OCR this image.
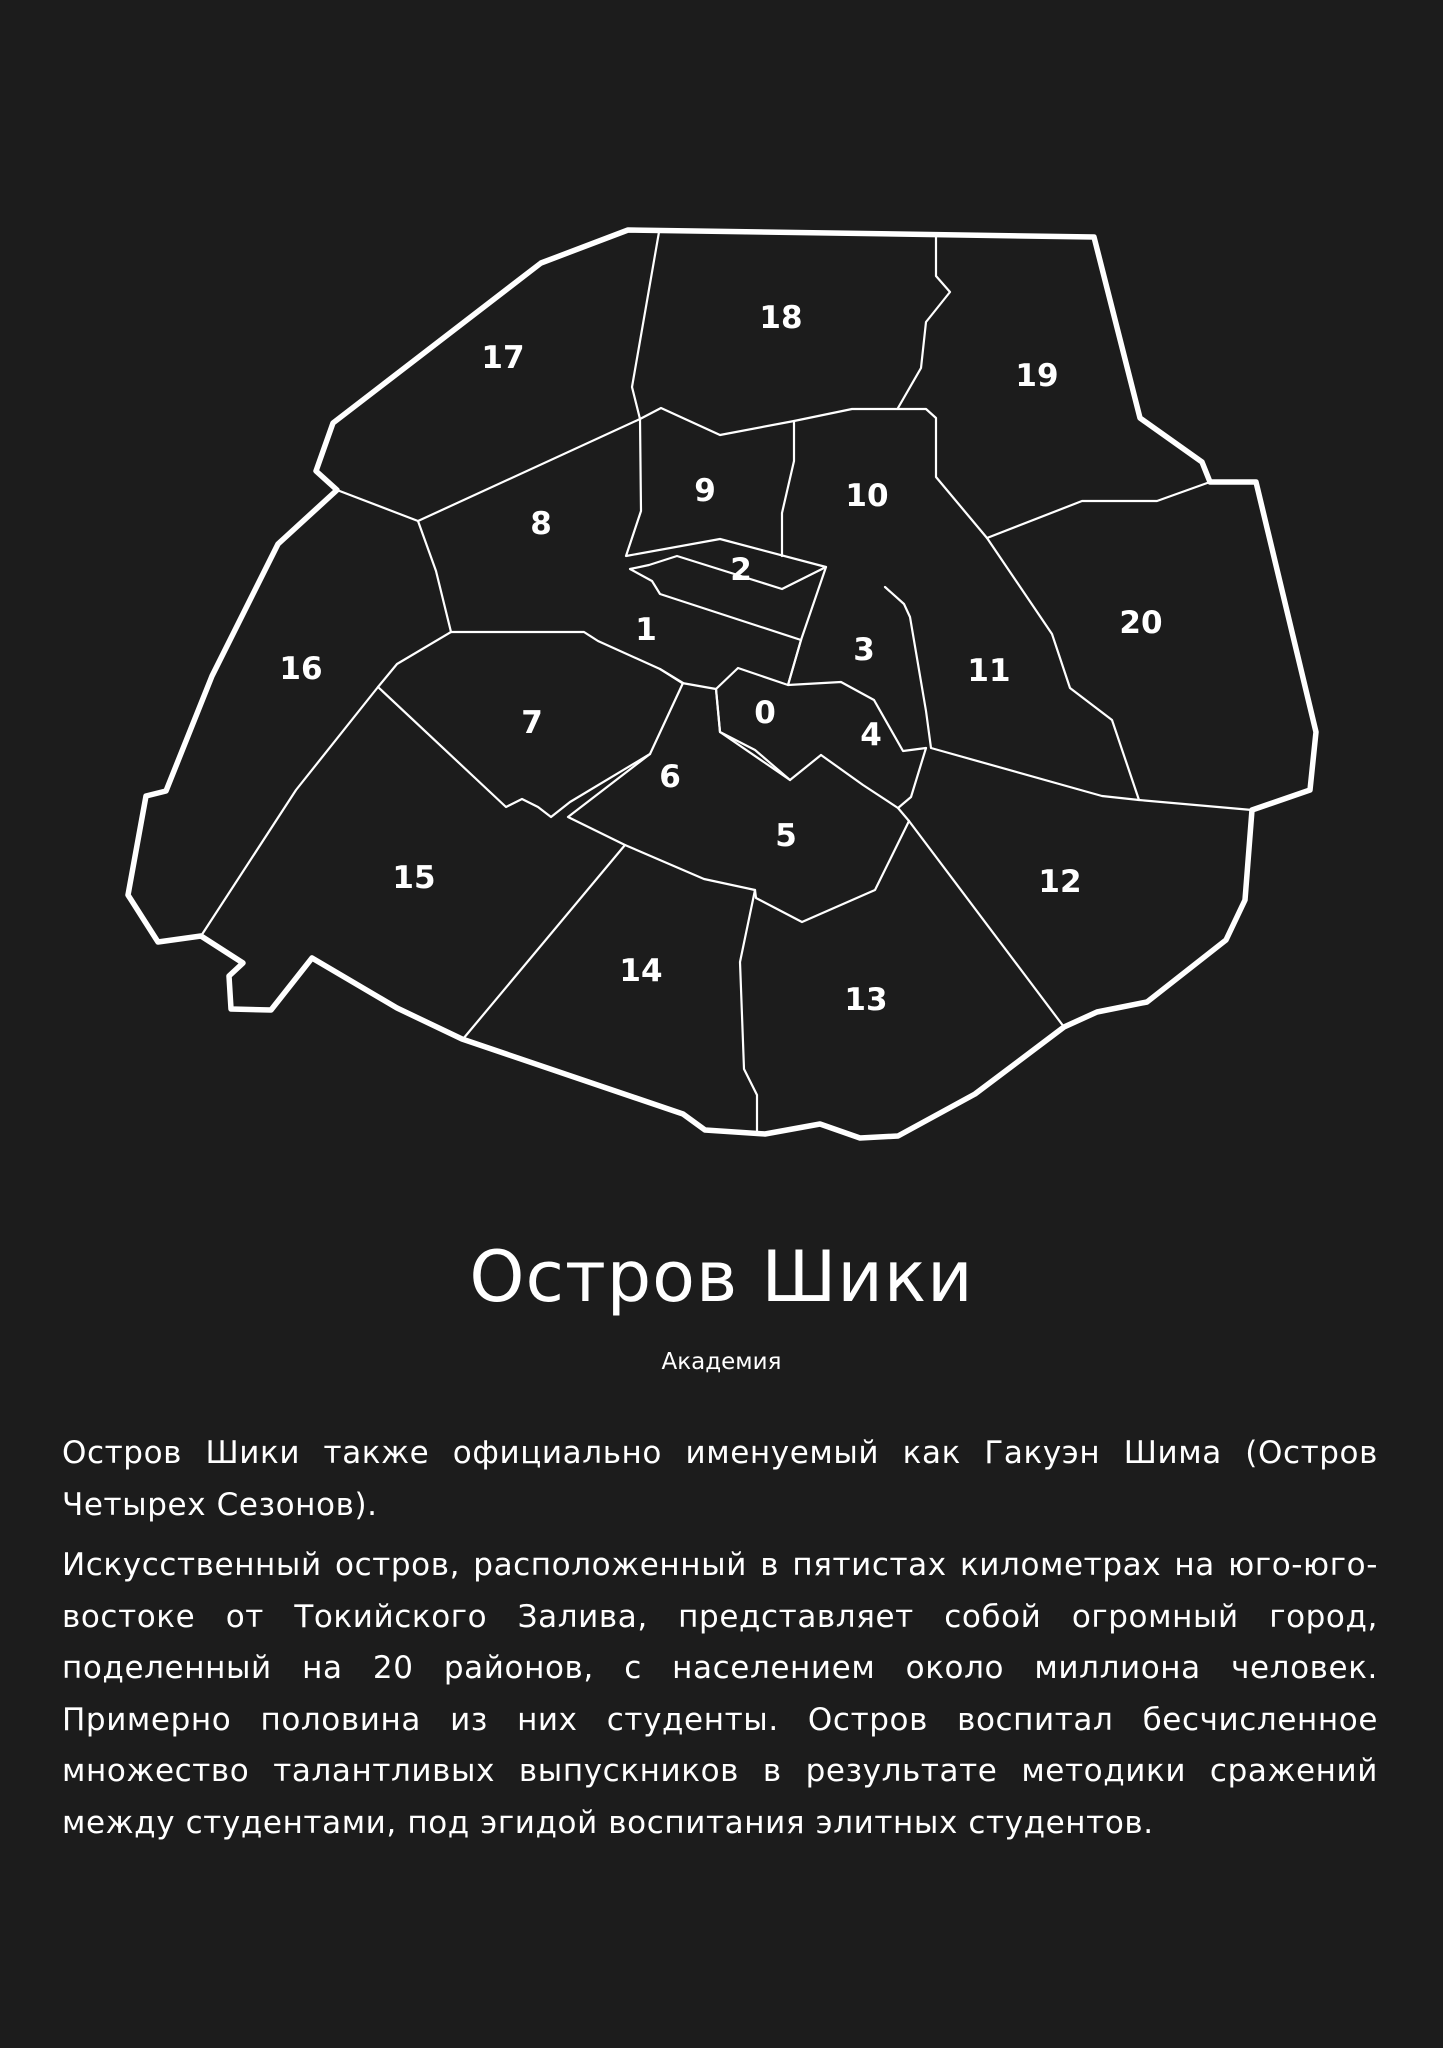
0
1
2
3
4
5
6
7
8
9	10
11
12
13
14
15
16
17
18
19
20
Остров Шики
Академия

Остров Шики также официально именуемый как Гакуэн Шима (Остров Четырех Сезонов).

Искусственный остров, расположенный в пятистах километрах на юго-юго-востоке от Токийского Залива, представляет собой огромный город, поделенный на 20 районов, с населением около миллиона человек. Примерно половина из них студенты. Остров воспитал бесчисленное множество талантливых выпускников в результате методики сражений между студентами, под эгидой воспитания элитных студентов.
